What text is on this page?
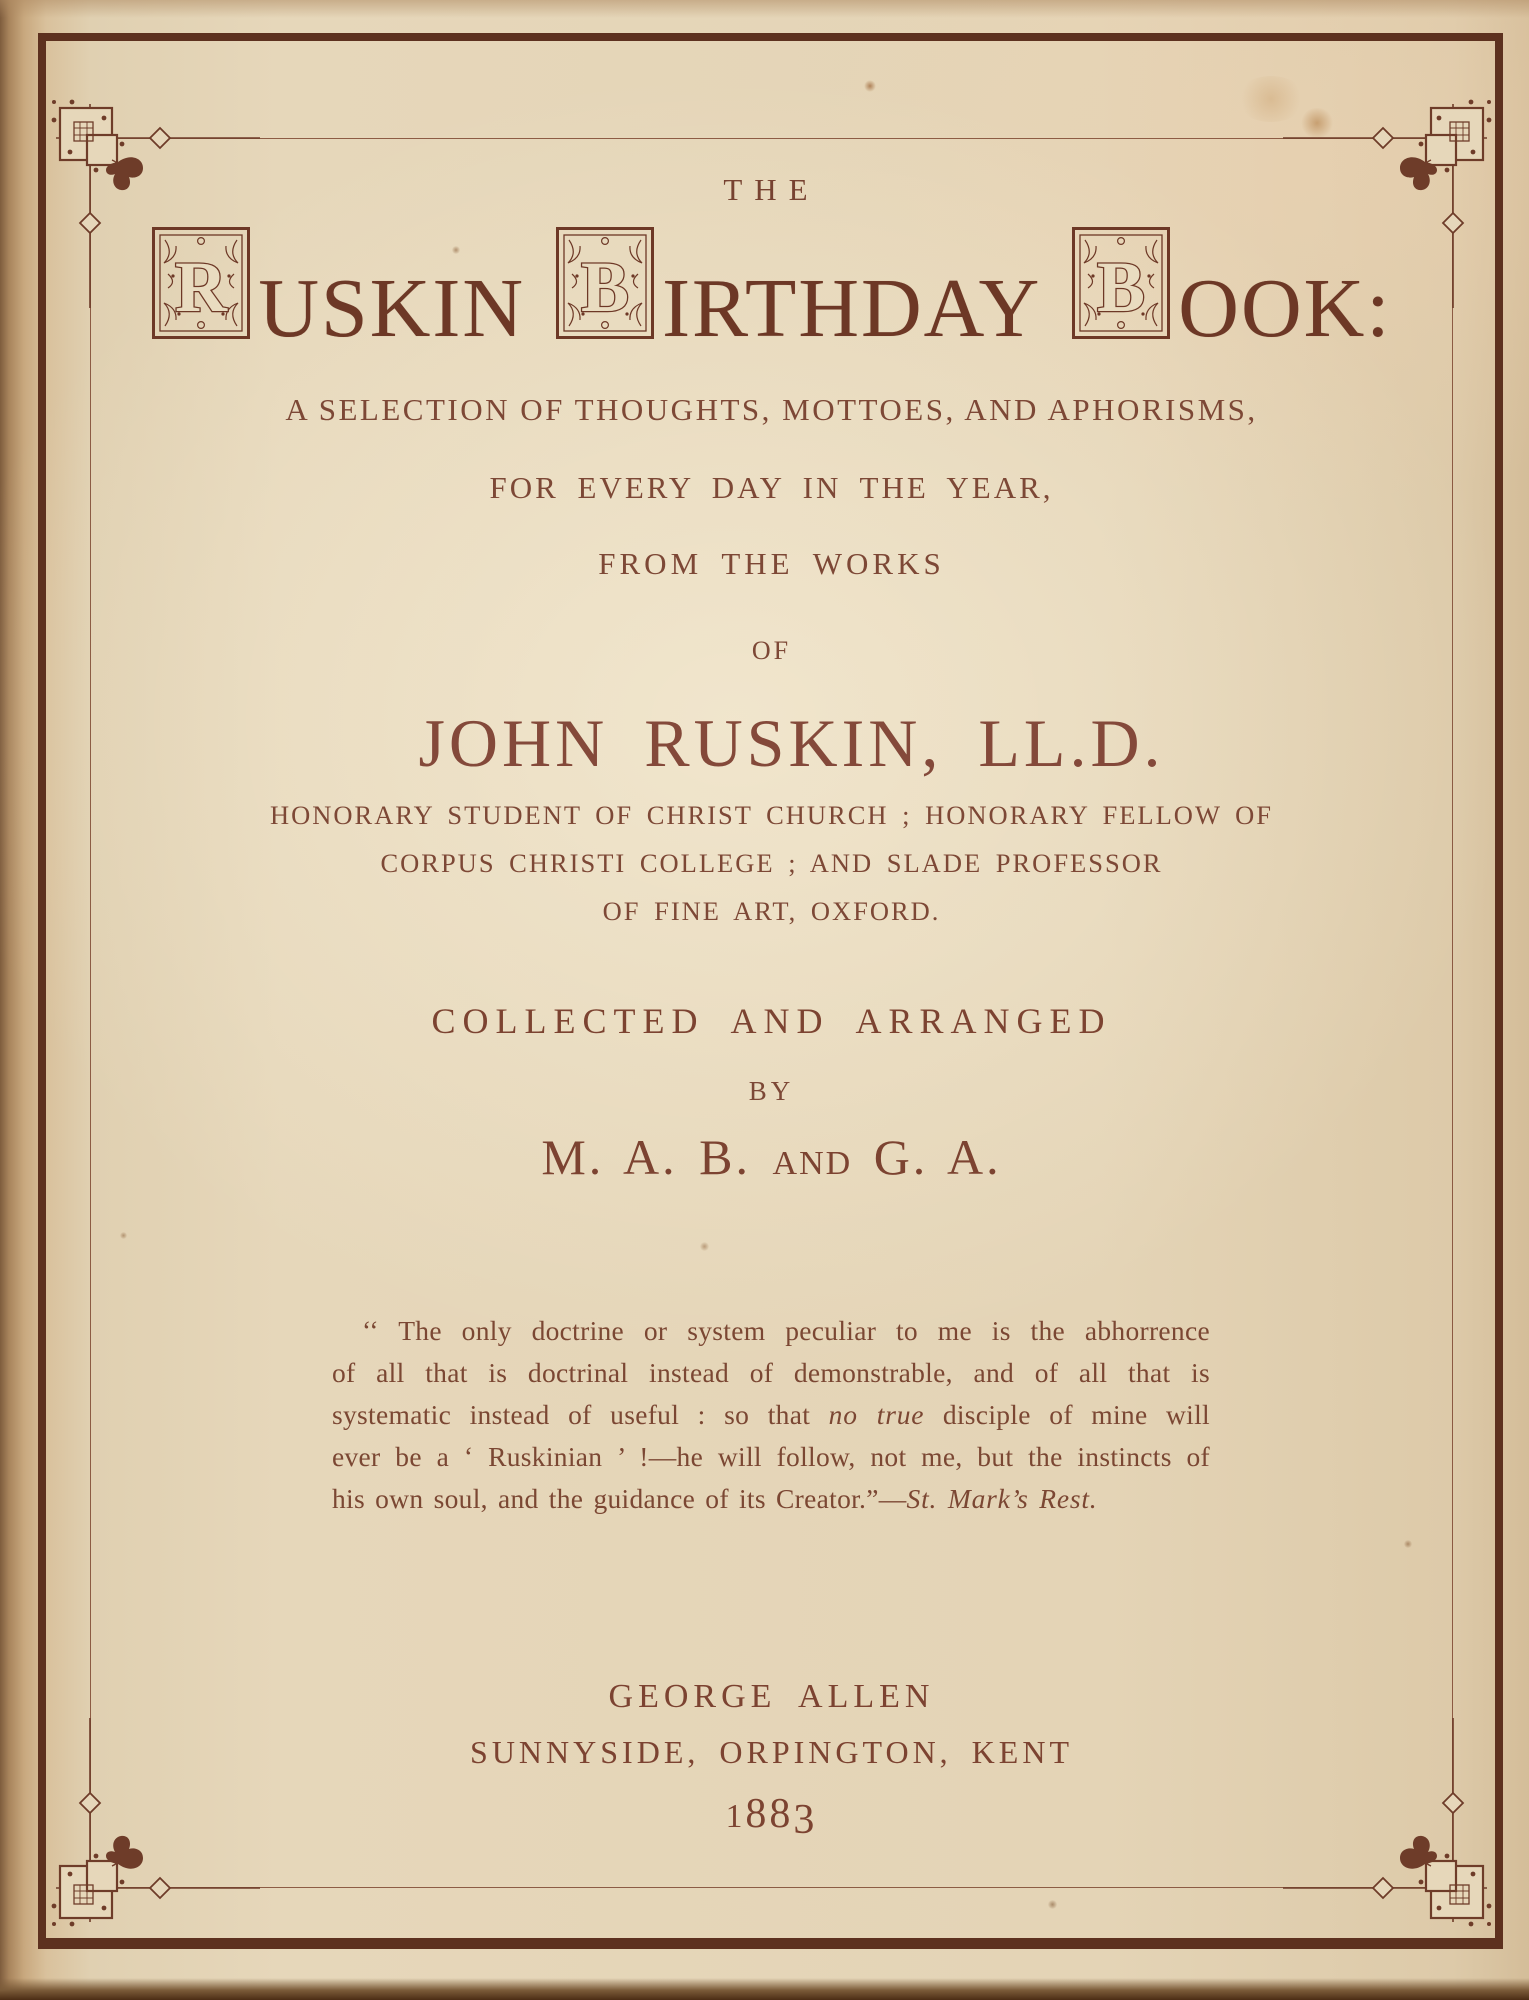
THE
R USKIN B IRTHDAY B OOK:
A SELECTION OF THOUGHTS, MOTTOES, AND APHORISMS,
FOR EVERY DAY IN THE YEAR,
FROM THE WORKS
OF
JOHN RUSKIN, LL.D.
HONORARY STUDENT OF CHRIST CHURCH ; HONORARY FELLOW OF
CORPUS CHRISTI COLLEGE ; AND SLADE PROFESSOR
OF FINE ART, OXFORD.
COLLECTED AND ARRANGED
BY
M. A. B. AND G. A.
‘‘ The only doctrine or system peculiar to me is the abhorrence
of all that is doctrinal instead of demonstrable, and of all that is
systematic instead of useful : so that no true disciple of mine will
ever be a ‘ Ruskinian ’ !—he will follow, not me, but the instincts of
his own soul, and the guidance of its Creator.”—St. Mark’s Rest.
GEORGE ALLEN
SUNNYSIDE, ORPINGTON, KENT
1883
